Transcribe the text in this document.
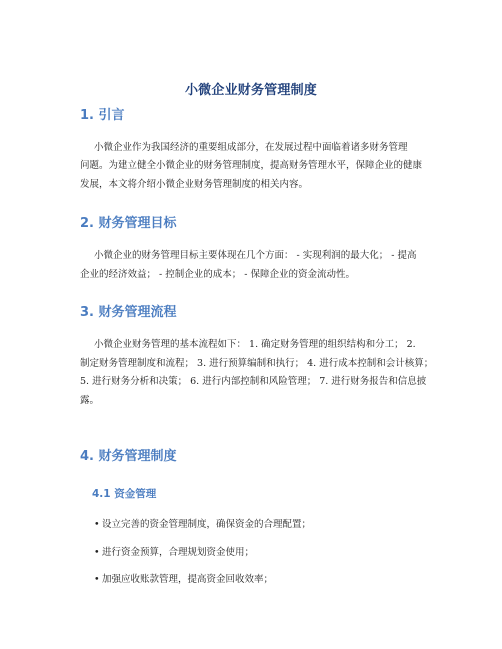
小微企业财务管理制度
1. 引言
小微企业作为我国经济的重要组成部分，在发展过程中面临着诸多财务管理
问题。为建立健全小微企业的财务管理制度，提高财务管理水平，保障企业的健康
发展，本文将介绍小微企业财务管理制度的相关内容。
2. 财务管理目标
小微企业的财务管理目标主要体现在几个方面： - 实现利润的最大化； - 提高
企业的经济效益； - 控制企业的成本； - 保障企业的资金流动性。
3. 财务管理流程
小微企业财务管理的基本流程如下： 1. 确定财务管理的组织结构和分工； 2.
制定财务管理制度和流程； 3. 进行预算编制和执行； 4. 进行成本控制和会计核算；
5. 进行财务分析和决策； 6. 进行内部控制和风险管理； 7. 进行财务报告和信息披
露。
4. 财务管理制度
4.1 资金管理
• 设立完善的资金管理制度，确保资金的合理配置；
• 进行资金预算，合理规划资金使用；
• 加强应收账款管理，提高资金回收效率；
